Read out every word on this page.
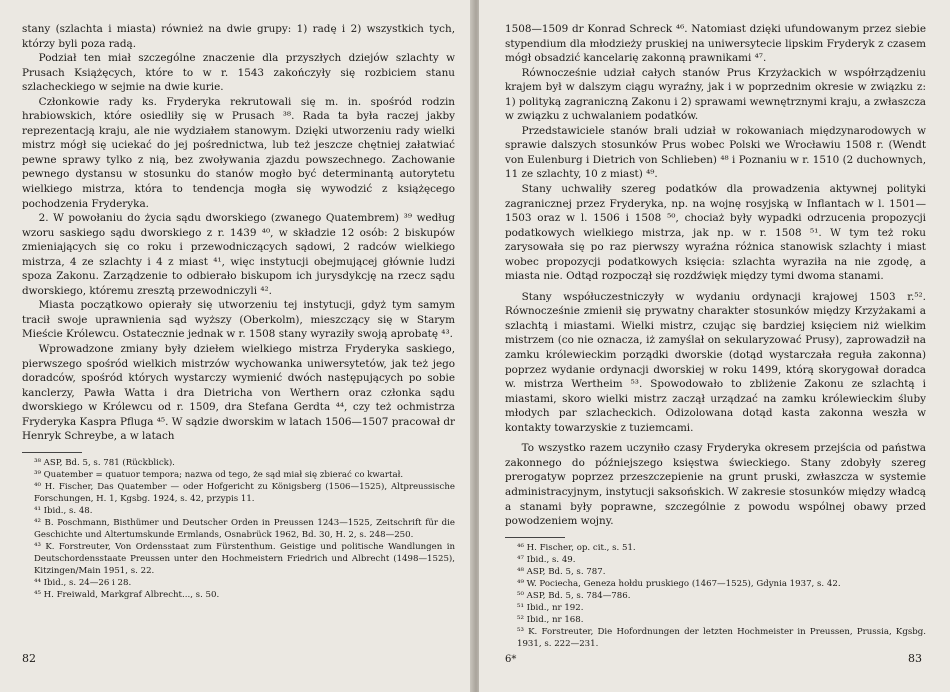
stany (szlachta i miasta) również na dwie grupy: 1) radę i 2) wszystkich tych, którzy byli poza radą.

Podział ten miał szczególne znaczenie dla przyszłych dziejów szlachty w Prusach Książęcych, które to w r. 1543 zakończyły się rozbiciem stanu szlacheckiego w sejmie na dwie kurie.

Członkowie rady ks. Fryderyka rekrutowali się m. in. spośród rodzin hrabiowskich, które osiedliły się w Prusach ³⁸. Rada ta była raczej jakby reprezentacją kraju, ale nie wydziałem stanowym. Dzięki utworzeniu rady wielki mistrz mógł się uciekać do jej pośrednictwa, lub też jeszcze chętniej załatwiać pewne sprawy tylko z nią, bez zwoływania zjazdu powszechnego. Zachowanie pewnego dystansu w stosunku do stanów mogło być determinantą autorytetu wielkiego mistrza, która to tendencja mogła się wywodzić z książęcego pochodzenia Fryderyka.

2. W powołaniu do życia sądu dworskiego (zwanego Quatembrem) ³⁹ według wzoru saskiego sądu dworskiego z r. 1439 ⁴⁰, w składzie 12 osób: 2 biskupów zmieniających się co roku i przewodniczących sądowi, 2 radców wielkiego mistrza, 4 ze szlachty i 4 z miast ⁴¹, więc instytucji obejmującej głównie ludzi spoza Zakonu. Zarządzenie to odbierało biskupom ich jurysdykcję na rzecz sądu dworskiego, któremu zresztą przewodniczyli ⁴².

Miasta początkowo opierały się utworzeniu tej instytucji, gdyż tym samym tracił swoje uprawnienia sąd wyższy (Oberkolm), mieszczący się w Starym Mieście Królewcu. Ostatecznie jednak w r. 1508 stany wyraziły swoją aprobatę ⁴³.

Wprowadzone zmiany były dziełem wielkiego mistrza Fryderyka saskiego, pierwszego spośród wielkich mistrzów wychowanka uniwersytetów, jak też jego doradców, spośród których wystarczy wymienić dwóch następujących po sobie kanclerzy, Pawła Watta i dra Dietricha von Werthern oraz członka sądu dworskiego w Królewcu od r. 1509, dra Stefana Gerdta ⁴⁴, czy też ochmistrza Fryderyka Kaspra Pfluga ⁴⁵. W sądzie dworskim w latach 1506—1507 pracował dr Henryk Schreybe, a w latach

³⁸ ASP, Bd. 5, s. 781 (Rückblick).

³⁹ Quatember = quatuor tempora; nazwa od tego, że sąd miał się zbierać co kwartał.

⁴⁰ H. Fischer, Das Quatember — oder Hofgericht zu Königsberg (1506—1525), Altpreussische Forschungen, H. 1, Kgsbg. 1924, s. 42, przypis 11.

⁴¹ Ibid., s. 48.

⁴² B. Poschmann, Bisthümer und Deutscher Orden in Preussen 1243—1525, Zeitschrift für die Geschichte und Altertumskunde Ermlands, Osnabrück 1962, Bd. 30, H. 2, s. 248—250.

⁴³ K. Forstreuter, Von Ordensstaat zum Fürstenthum. Geistige und politische Wandlungen in Deutschordensstaate Preussen unter den Hochmeistern Friedrich und Albrecht (1498—1525), Kitzingen/Main 1951, s. 22.

⁴⁴ Ibid., s. 24—26 i 28.

⁴⁵ H. Freiwald, Markgraf Albrecht..., s. 50.

82

1508—1509 dr Konrad Schreck ⁴⁶. Natomiast dzięki ufundowanym przez siebie stypendium dla młodzieży pruskiej na uniwersytecie lipskim Fryderyk z czasem mógł obsadzić kancelarię zakonną prawnikami ⁴⁷.

Równocześnie udział całych stanów Prus Krzyżackich w współrządzeniu krajem był w dalszym ciągu wyraźny, jak i w poprzednim okresie w związku z: 1) polityką zagraniczną Zakonu i 2) sprawami wewnętrznymi kraju, a zwłaszcza w związku z uchwalaniem podatków.

Przedstawiciele stanów brali udział w rokowaniach międzynarodowych w sprawie dalszych stosunków Prus wobec Polski we Wrocławiu 1508 r. (Wendt von Eulenburg i Dietrich von Schlieben) ⁴⁸ i Poznaniu w r. 1510 (2 duchownych, 11 ze szlachty, 10 z miast) ⁴⁹.

Stany uchwaliły szereg podatków dla prowadzenia aktywnej polityki zagranicznej przez Fryderyka, np. na wojnę rosyjską w Inflantach w l. 1501—1503 oraz w l. 1506 i 1508 ⁵⁰, chociaż były wypadki odrzucenia propozycji podatkowych wielkiego mistrza, jak np. w r. 1508 ⁵¹. W tym też roku zarysowała się po raz pierwszy wyraźna różnica stanowisk szlachty i miast wobec propozycji podatkowych księcia: szlachta wyraziła na nie zgodę, a miasta nie. Odtąd rozpoczął się rozdźwięk między tymi dwoma stanami.

Stany współuczestniczyły w wydaniu ordynacji krajowej 1503 r.⁵². Równocześnie zmienił się prywatny charakter stosunków między Krzyżakami a szlachtą i miastami. Wielki mistrz, czując się bardziej księciem niż wielkim mistrzem (co nie oznacza, iż zamyślał on sekularyzować Prusy), zaprowadził na zamku królewieckim porządki dworskie (dotąd wystarczała reguła zakonna) poprzez wydanie ordynacji dworskiej w roku 1499, którą skorygował doradca w. mistrza Wertheim ⁵³. Spowodowało to zbliżenie Zakonu ze szlachtą i miastami, skoro wielki mistrz zaczął urządzać na zamku królewieckim śluby młodych par szlacheckich. Odizolowana dotąd kasta zakonna weszła w kontakty towarzyskie z tuziemcami.

To wszystko razem uczyniło czasy Fryderyka okresem przejścia od państwa zakonnego do późniejszego księstwa świeckiego. Stany zdobyły szereg prerogatyw poprzez przeszczepienie na grunt pruski, zwłaszcza w systemie administracyjnym, instytucji saksońskich. W zakresie stosunków między władcą a stanami były poprawne, szczególnie z powodu wspólnej obawy przed powodzeniem wojny.

⁴⁶ H. Fischer, op. cit., s. 51.

⁴⁷ Ibid., s. 49.

⁴⁸ ASP, Bd. 5, s. 787.

⁴⁹ W. Pociecha, Geneza hołdu pruskiego (1467—1525), Gdynia 1937, s. 42.

⁵⁰ ASP, Bd. 5, s. 784—786.

⁵¹ Ibid., nr 192.

⁵² Ibid., nr 168.

⁵³ K. Forstreuter, Die Hofordnungen der letzten Hochmeister in Preussen, Prussia, Kgsbg. 1931, s. 222—231.

6*	83
